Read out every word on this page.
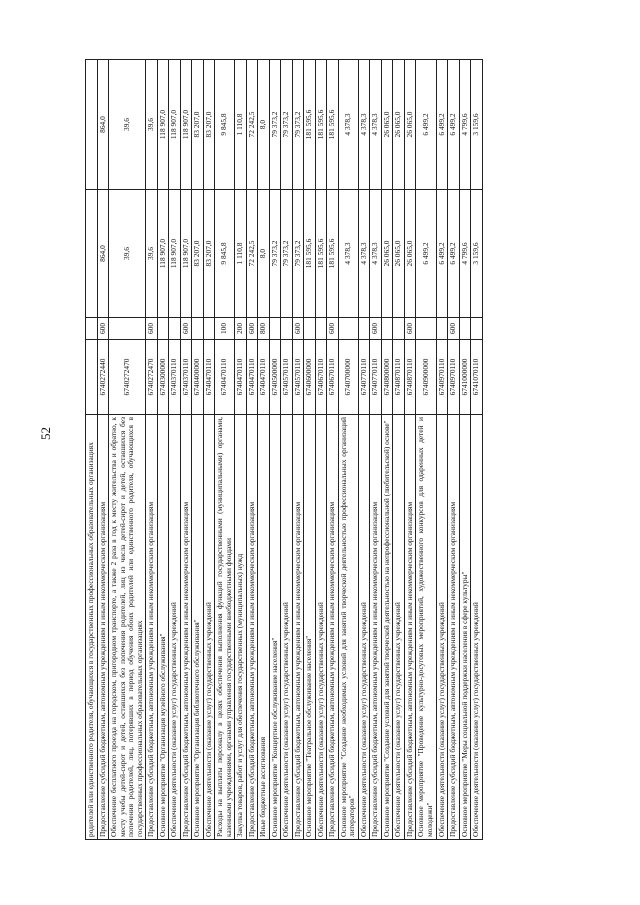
52
родителей или единственного родителя, обучающихся в государственных профессиональных образовательных организациях				
Предоставление субсидий бюджетным, автономным учреждениям и иным некоммерческим организациям	6740272440	600	864,0	864,0
Обеспечение бесплатного проезда на городском, пригородном транспорте, а также 2 раза в год к месту жительства и обратно, к месту учебы детей-сирот и детей, оставшихся без попечения родителей, лиц из числа детей-сирот и детей, оставшихся без попечения родителей, лиц, потерявших в период обучения обоих родителей или единственного родителя, обучающихся в государственных профессиональных образовательных организациях	6740272470		39,6	39,6
Предоставление субсидий бюджетным, автономным учреждениям и иным некоммерческим организациям	6740272470	600	39,6	39,6
Основное мероприятие "Организация музейного обслуживания"	6740300000		118 907,0	118 907,0
Обеспечение деятельности (оказание услуг) государственных учреждений	6740370110		118 907,0	118 907,0
Предоставление субсидий бюджетным, автономным учреждениям и иным некоммерческим организациям	6740370110	600	118 907,0	118 907,0
Основное мероприятие "Организация библиотечного обслуживания"	6740400000		83 207,0	83 207,0
Обеспечение деятельности (оказание услуг) государственных учреждений	6740470110		83 207,0	83 207,0
Расходы на выплаты персоналу в целях обеспечения выполнения функций государственными (муниципальными) органами, казенными учреждениями, органами управления государственными внебюджетными фондами	6740470110	100	9 845,8	9 845,8
Закупка товаров, работ и услуг для обеспечения государственных (муниципальных) нужд	6740470110	200	1 110,8	1 110,8
Предоставление субсидий бюджетным, автономным учреждениям и иным некоммерческим организациям	6740470110	600	72 242,5	72 242,5
Иные бюджетные ассигнования	6740470110	800	8,0	8,0
Основное мероприятие "Концертное обслуживание населения"	6740500000		79 373,2	79 373,2
Обеспечение деятельности (оказание услуг) государственных учреждений	6740570110		79 373,2	79 373,2
Предоставление субсидий бюджетным, автономным учреждениям и иным некоммерческим организациям	6740570110	600	79 373,2	79 373,2
Основное мероприятие "Театральное обслуживание населения"	6740600000		181 595,6	181 595,6
Обеспечение деятельности (оказание услуг) государственных учреждений	6740670110		181 595,6	181 595,6
Предоставление субсидий бюджетным, автономным учреждениям и иным некоммерческим организациям	6740670110	600	181 595,6	181 595,6
Основное мероприятие "Создание необходимых условий для занятий творческой деятельностью профессиональных организаций литераторов"	6740700000		4 378,3	4 378,3
Обеспечение деятельности (оказание услуг) государственных учреждений	6740770110		4 378,3	4 378,3
Предоставление субсидий бюджетным, автономным учреждениям и иным некоммерческим организациям	6740770110	600	4 378,3	4 378,3
Основное мероприятие "Создание условий для занятий творческой деятельностью на непрофессиональной (любительской) основе"	6740800000		26 065,0	26 065,0
Обеспечение деятельности (оказание услуг) государственных учреждений	6740870110		26 065,0	26 065,0
Предоставление субсидий бюджетным, автономным учреждениям и иным некоммерческим организациям	6740870110	600	26 065,0	26 065,0
Основное мероприятие "Проведение культурно-досуговых мероприятий, художественного конкурсов для одаренных детей и молодежи"	6740900000		6 499,2	6 499,2
Обеспечение деятельности (оказание услуг) государственных учреждений	6740970110		6 499,2	6 499,2
Предоставление субсидий бюджетным, автономным учреждениям и иным некоммерческим организациям	6740970110	600	6 499,2	6 499,2
Основное мероприятие "Меры социальной поддержки населения в сфере культуры"	6741000000		4 799,6	4 799,6
Обеспечение деятельности (оказание услуг) государственных учреждений	6741070110		3 159,6	3 159,6
